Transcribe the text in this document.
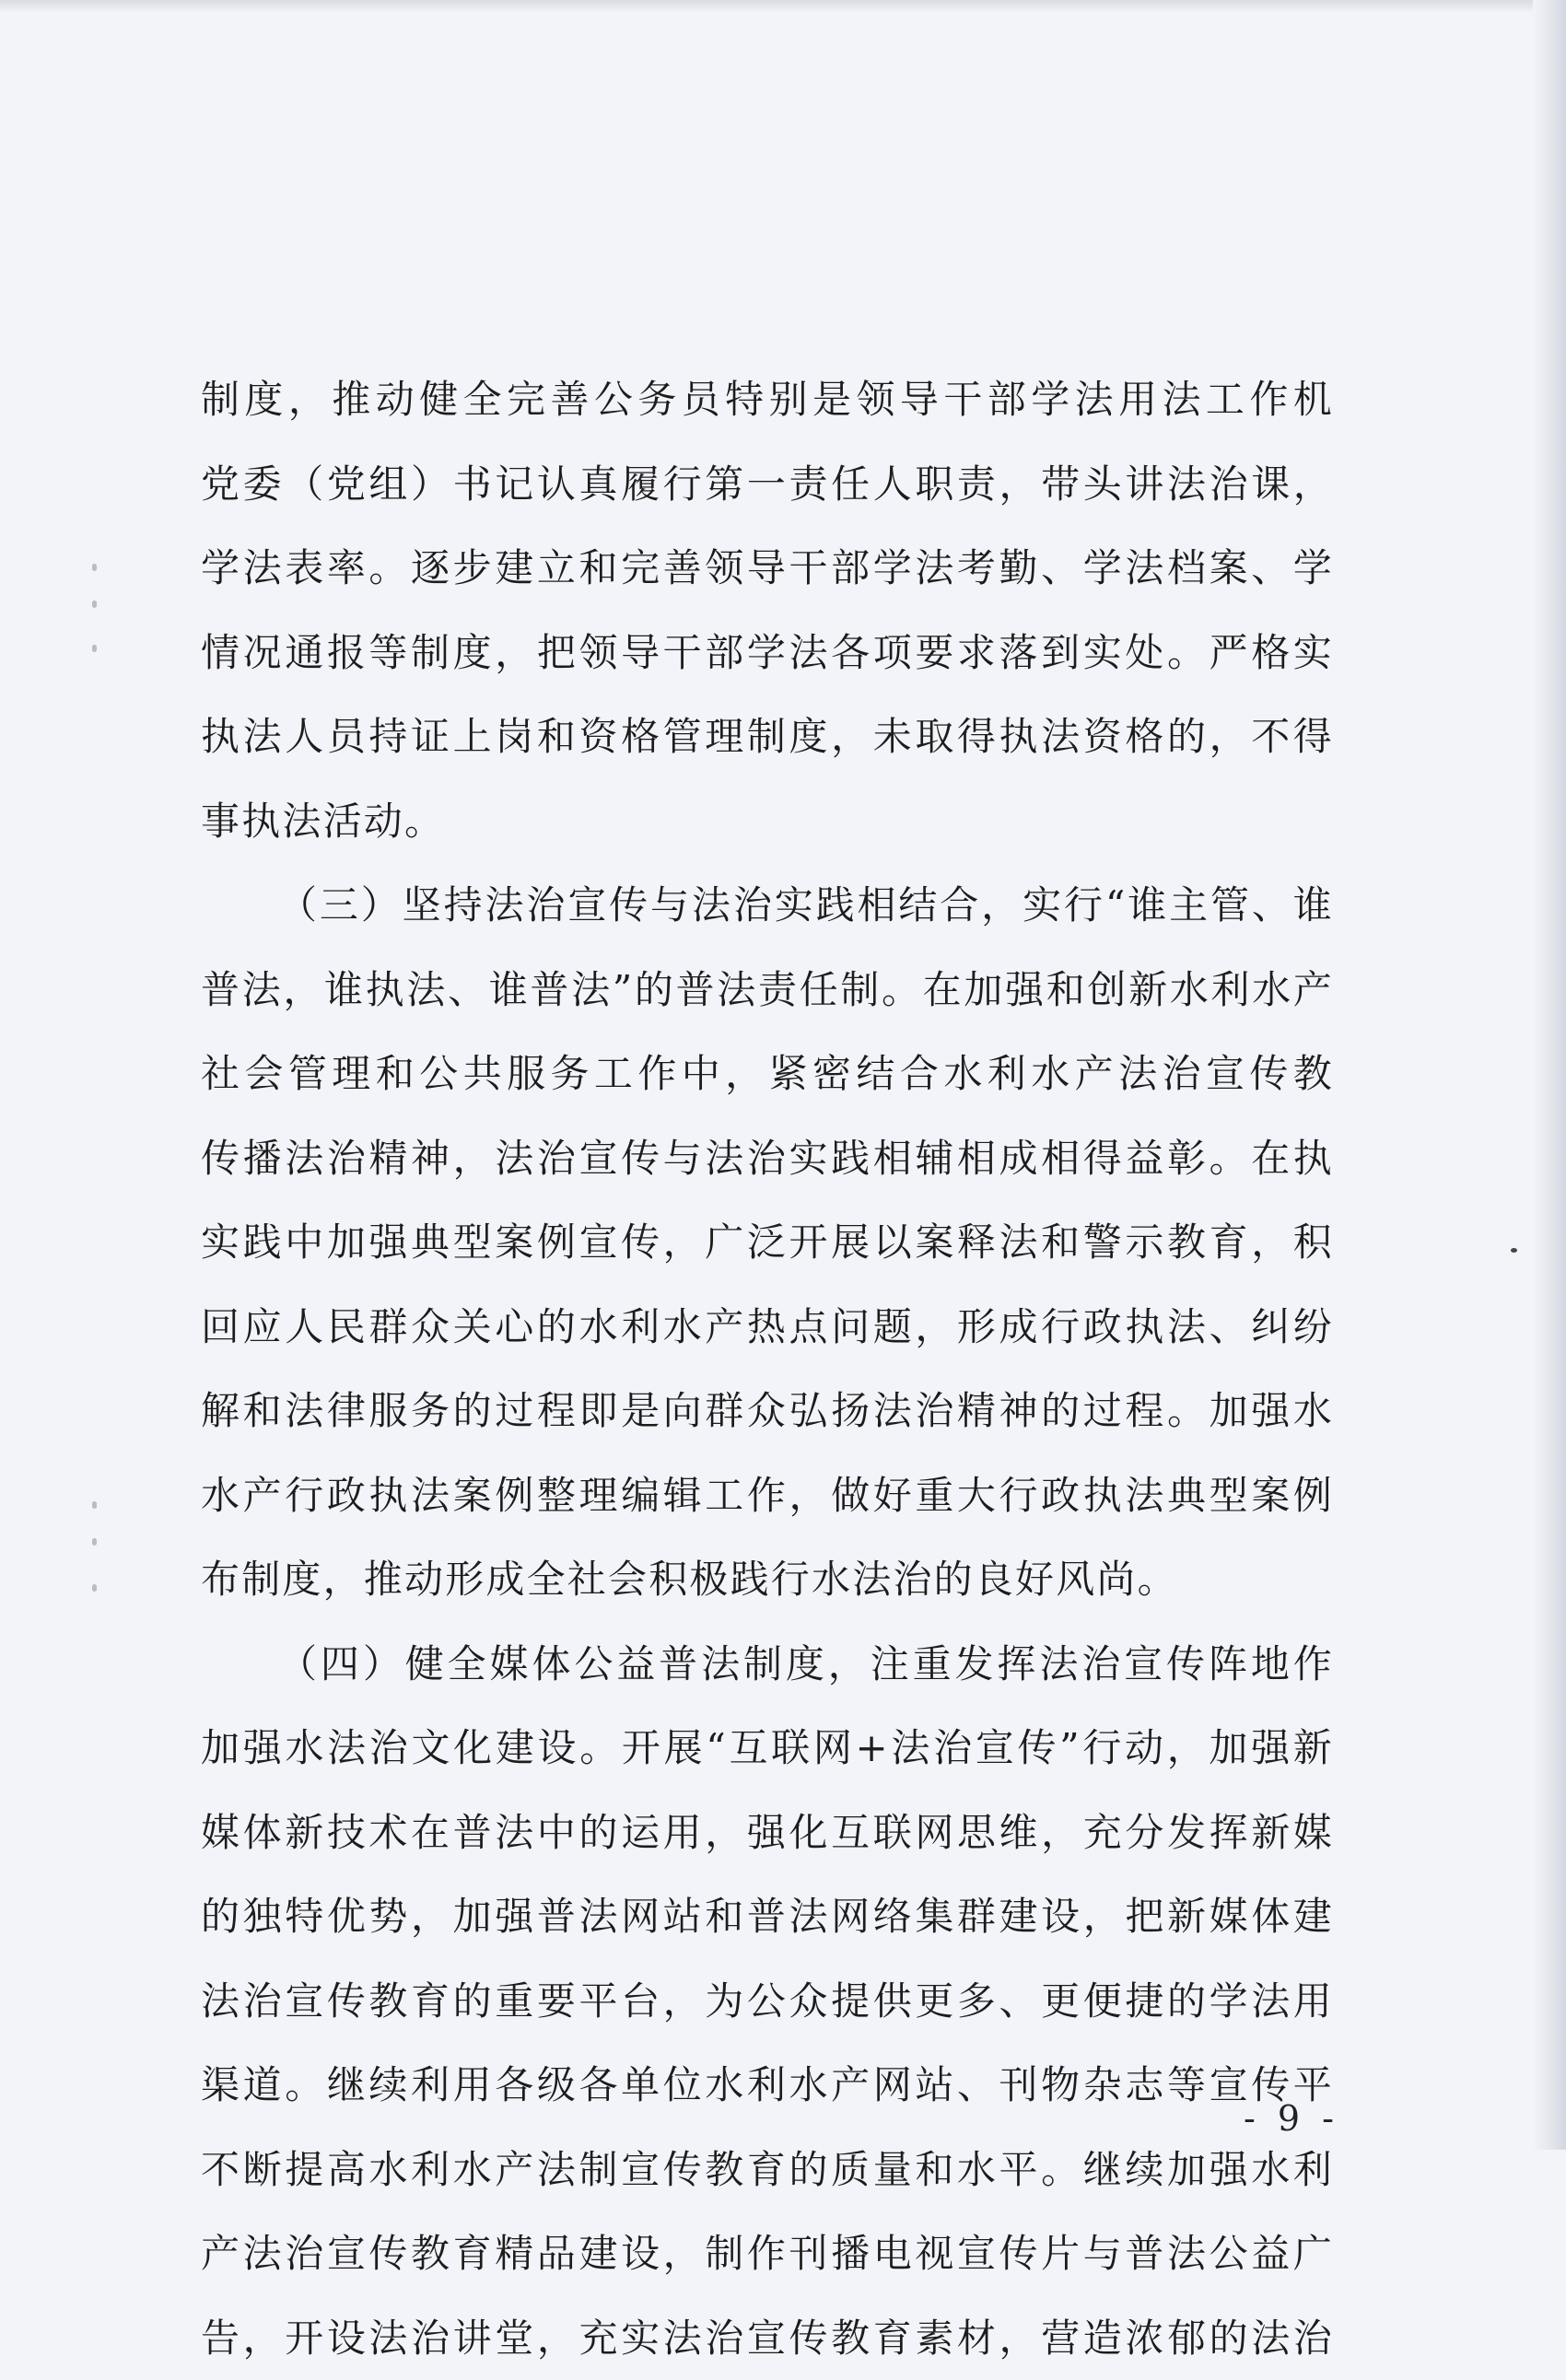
制度，推动健全完善公务员特别是领导干部学法用法工作机
党委（党组）书记认真履行第一责任人职责，带头讲法治课，
学法表率。逐步建立和完善领导干部学法考勤、学法档案、学
情况通报等制度，把领导干部学法各项要求落到实处。严格实
执法人员持证上岗和资格管理制度，未取得执法资格的，不得
事执法活动。
（三）坚持法治宣传与法治实践相结合，实行“谁主管、谁
普法，谁执法、谁普法”的普法责任制。在加强和创新水利水产
社会管理和公共服务工作中，紧密结合水利水产法治宣传教
传播法治精神，法治宣传与法治实践相辅相成相得益彰。在执
实践中加强典型案例宣传，广泛开展以案释法和警示教育，积
回应人民群众关心的水利水产热点问题，形成行政执法、纠纷
解和法律服务的过程即是向群众弘扬法治精神的过程。加强水
水产行政执法案例整理编辑工作，做好重大行政执法典型案例
布制度，推动形成全社会积极践行水法治的良好风尚。
（四）健全媒体公益普法制度，注重发挥法治宣传阵地作
加强水法治文化建设。开展“互联网+法治宣传”行动，加强新
媒体新技术在普法中的运用，强化互联网思维，充分发挥新媒
的独特优势，加强普法网站和普法网络集群建设，把新媒体建
法治宣传教育的重要平台，为公众提供更多、更便捷的学法用
渠道。继续利用各级各单位水利水产网站、刊物杂志等宣传平
不断提高水利水产法制宣传教育的质量和水平。继续加强水利
产法治宣传教育精品建设，制作刊播电视宣传片与普法公益广
告，开设法治讲堂，充实法治宣传教育素材，营造浓郁的法治
- 9 -
